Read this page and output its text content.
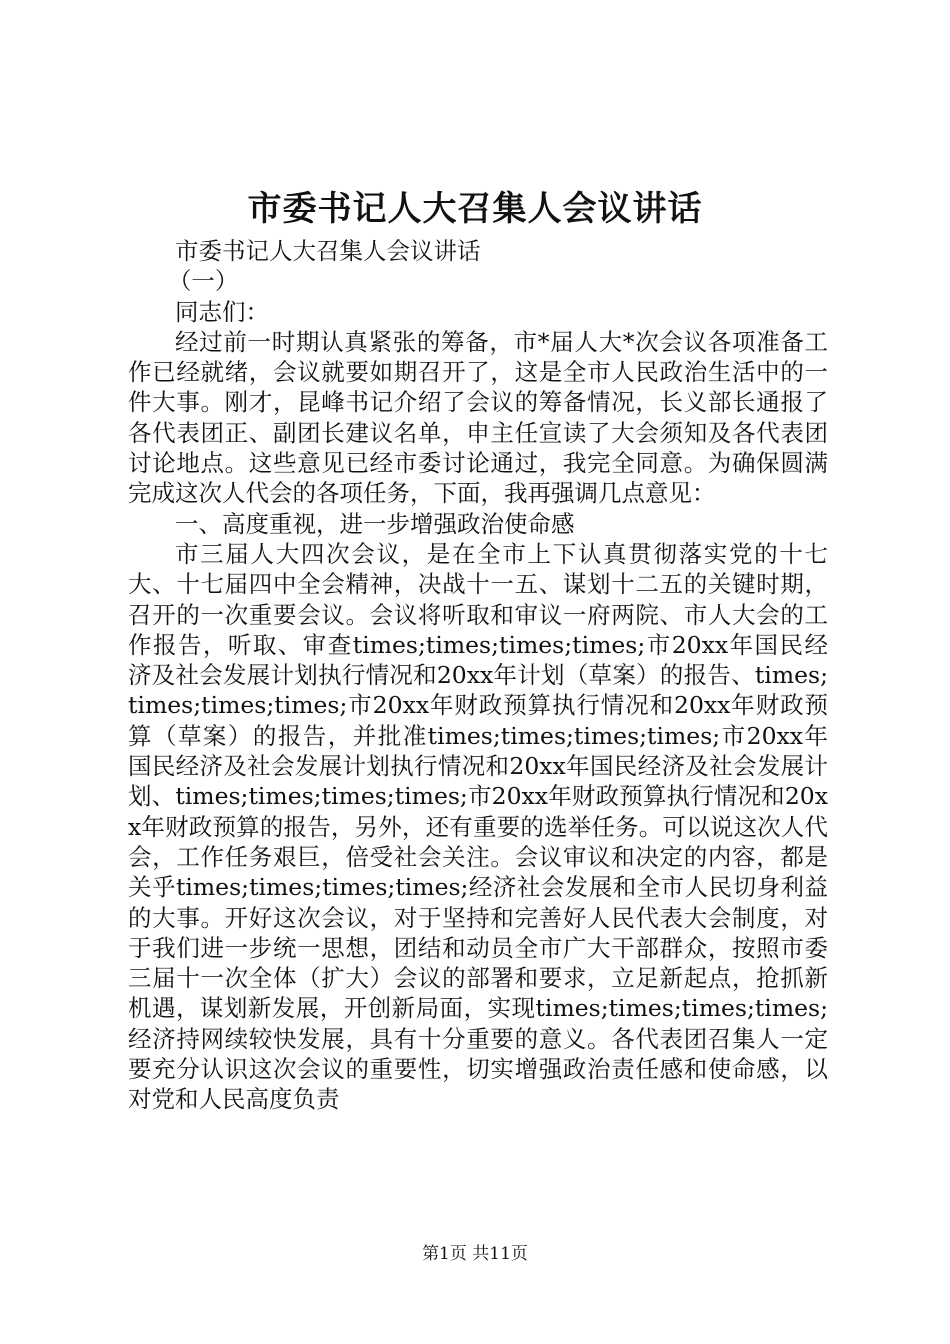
市委书记人大召集人会议讲话

市委书记人大召集人会议讲话

（一）

同志们：

经过前一时期认真紧张的筹备，市*届人大*次会议各项准备工作已经就绪，会议就要如期召开了，这是全市人民政治生活中的一件大事。刚才，昆峰书记介绍了会议的筹备情况，长义部长通报了各代表团正、副团长建议名单，申主任宣读了大会须知及各代表团讨论地点。这些意见已经市委讨论通过，我完全同意。为确保圆满完成这次人代会的各项任务，下面，我再强调几点意见：

一、高度重视，进一步增强政治使命感

市三届人大四次会议，是在全市上下认真贯彻落实党的十七大、十七届四中全会精神，决战十一五、谋划十二五的关键时期，召开的一次重要会议。会议将听取和审议一府两院、市人大会的工作报告，听取、审查times;times;times;times;市20xx年国民经济及社会发展计划执行情况和20xx年计划（草案）的报告、times;times;times;times;市20xx年财政预算执行情况和20xx年财政预算（草案）的报告，并批准times;times;times;times;市20xx年国民经济及社会发展计划执行情况和20xx年国民经济及社会发展计划、times;times;times;times;市20xx年财政预算执行情况和20xx年财政预算的报告，另外，还有重要的选举任务。可以说这次人代会，工作任务艰巨，倍受社会关注。会议审议和决定的内容，都是关乎times;times;times;times;经济社会发展和全市人民切身利益的大事。开好这次会议，对于坚持和完善好人民代表大会制度，对于我们进一步统一思想，团结和动员全市广大干部群众，按照市委三届十一次全体（扩大）会议的部署和要求，立足新起点，抢抓新机遇，谋划新发展，开创新局面，实现times;times;times;times;经济持网续较快发展，具有十分重要的意义。各代表团召集人一定要充分认识这次会议的重要性，切实增强政治责任感和使命感，以对党和人民高度负责

第1页 共11页
